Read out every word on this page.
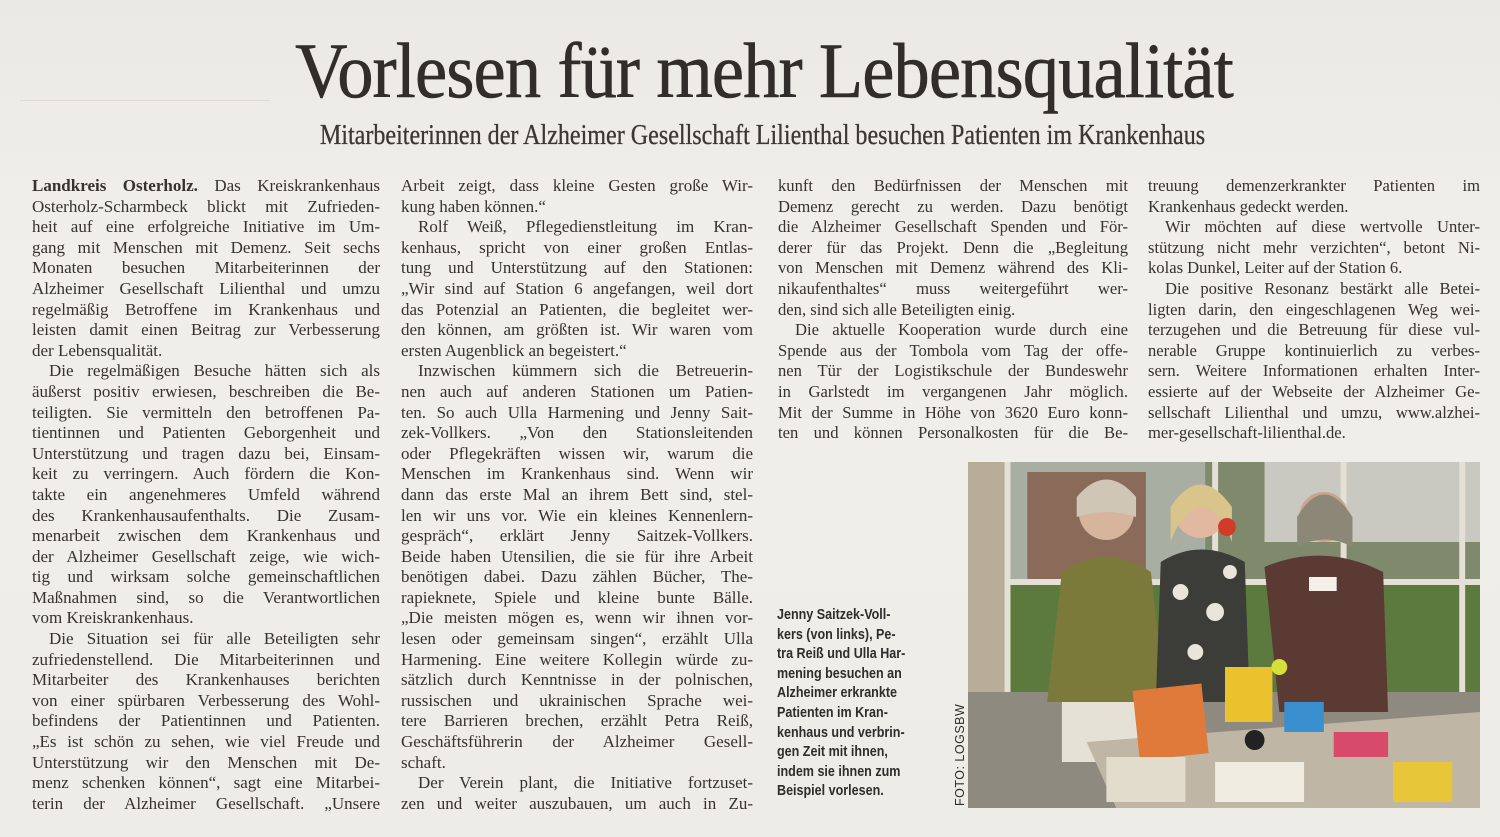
Vorlesen für mehr Lebensqualität
Mitarbeiterinnen der Alzheimer Gesellschaft Lilienthal besuchen Patienten im Krankenhaus
Landkreis Osterholz. Das Kreiskrankenhaus
Osterholz-Scharmbeck blickt mit Zufrieden-
heit auf eine erfolgreiche Initiative im Um-
gang mit Menschen mit Demenz. Seit sechs
Monaten besuchen Mitarbeiterinnen der
Alzheimer Gesellschaft Lilienthal und umzu
regelmäßig Betroffene im Krankenhaus und
leisten damit einen Beitrag zur Verbesserung
der Lebensqualität.
Die regelmäßigen Besuche hätten sich als
äußerst positiv erwiesen, beschreiben die Be-
teiligten. Sie vermitteln den betroffenen Pa-
tientinnen und Patienten Geborgenheit und
Unterstützung und tragen dazu bei, Einsam-
keit zu verringern. Auch fördern die Kon-
takte ein angenehmeres Umfeld während
des Krankenhausaufenthalts. Die Zusam-
menarbeit zwischen dem Krankenhaus und
der Alzheimer Gesellschaft zeige, wie wich-
tig und wirksam solche gemeinschaftlichen
Maßnahmen sind, so die Verantwortlichen
vom Kreiskrankenhaus.
Die Situation sei für alle Beteiligten sehr
zufriedenstellend. Die Mitarbeiterinnen und
Mitarbeiter des Krankenhauses berichten
von einer spürbaren Verbesserung des Wohl-
befindens der Patientinnen und Patienten.
„Es ist schön zu sehen, wie viel Freude und
Unterstützung wir den Menschen mit De-
menz schenken können“, sagt eine Mitarbei-
terin der Alzheimer Gesellschaft. „Unsere
Arbeit zeigt, dass kleine Gesten große Wir-
kung haben können.“
Rolf Weiß, Pflegedienstleitung im Kran-
kenhaus, spricht von einer großen Entlas-
tung und Unterstützung auf den Stationen:
„Wir sind auf Station 6 angefangen, weil dort
das Potenzial an Patienten, die begleitet wer-
den können, am größten ist. Wir waren vom
ersten Augenblick an begeistert.“
Inzwischen kümmern sich die Betreuerin-
nen auch auf anderen Stationen um Patien-
ten. So auch Ulla Harmening und Jenny Sait-
zek-Vollkers. „Von den Stationsleitenden
oder Pflegekräften wissen wir, warum die
Menschen im Krankenhaus sind. Wenn wir
dann das erste Mal an ihrem Bett sind, stel-
len wir uns vor. Wie ein kleines Kennenlern-
gespräch“, erklärt Jenny Saitzek-Vollkers.
Beide haben Utensilien, die sie für ihre Arbeit
benötigen dabei. Dazu zählen Bücher, The-
rapieknete, Spiele und kleine bunte Bälle.
„Die meisten mögen es, wenn wir ihnen vor-
lesen oder gemeinsam singen“, erzählt Ulla
Harmening. Eine weitere Kollegin würde zu-
sätzlich durch Kenntnisse in der polnischen,
russischen und ukrainischen Sprache wei-
tere Barrieren brechen, erzählt Petra Reiß,
Geschäftsführerin der Alzheimer Gesell-
schaft.
Der Verein plant, die Initiative fortzuset-
zen und weiter auszubauen, um auch in Zu-
kunft den Bedürfnissen der Menschen mit
Demenz gerecht zu werden. Dazu benötigt
die Alzheimer Gesellschaft Spenden und För-
derer für das Projekt. Denn die „Begleitung
von Menschen mit Demenz während des Kli-
nikaufenthaltes“ muss weitergeführt wer-
den, sind sich alle Beteiligten einig.
Die aktuelle Kooperation wurde durch eine
Spende aus der Tombola vom Tag der offe-
nen Tür der Logistikschule der Bundeswehr
in Garlstedt im vergangenen Jahr möglich.
Mit der Summe in Höhe von 3620 Euro konn-
ten und können Personalkosten für die Be-
treuung demenzerkrankter Patienten im
Krankenhaus gedeckt werden.
Wir möchten auf diese wertvolle Unter-
stützung nicht mehr verzichten“, betont Ni-
kolas Dunkel, Leiter auf der Station 6.
Die positive Resonanz bestärkt alle Betei-
ligten darin, den eingeschlagenen Weg wei-
terzugehen und die Betreuung für diese vul-
nerable Gruppe kontinuierlich zu verbes-
sern. Weitere Informationen erhalten Inter-
essierte auf der Webseite der Alzheimer Ge-
sellschaft Lilienthal und umzu, www.alzhei-
mer-gesellschaft-lilienthal.de.
Jenny Saitzek-Voll-
kers (von links), Pe-
tra Reiß und Ulla Har-
mening besuchen an
Alzheimer erkrankte
Patienten im Kran-
kenhaus und verbrin-
gen Zeit mit ihnen,
indem sie ihnen zum
Beispiel vorlesen.	FOTO: LOGSBW
